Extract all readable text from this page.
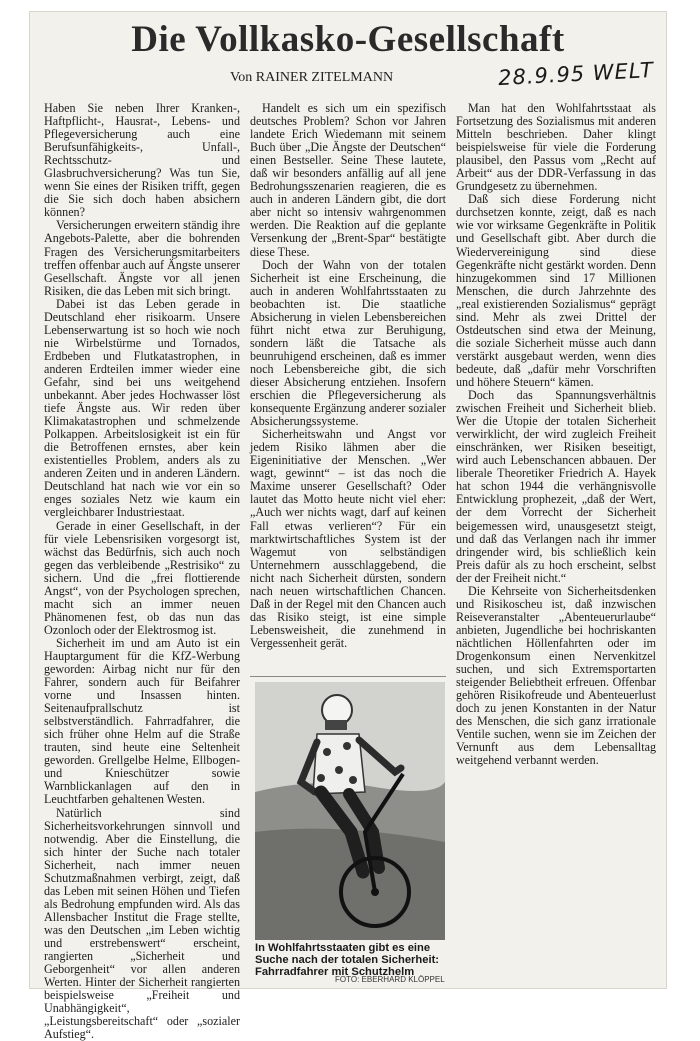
Die Vollkasko-Gesellschaft
Von RAINER ZITELMANN	28.9.95 WELT

Haben Sie neben Ihrer Kranken-, Haftpflicht-, Hausrat-, Lebens- und Pflegeversicherung auch eine Berufsunfähigkeits-, Unfall-, Rechtsschutz- und Glasbruchversicherung? Was tun Sie, wenn Sie eines der Risiken trifft, gegen die Sie sich doch haben absichern können?

Versicherungen erweitern ständig ihre Angebots-Palette, aber die bohrenden Fragen des Versicherungsmitarbeiters treffen offenbar auch auf Ängste unserer Gesellschaft. Ängste vor all jenen Risiken, die das Leben mit sich bringt.

Dabei ist das Leben gerade in Deutschland eher risikoarm. Unsere Lebenserwartung ist so hoch wie noch nie Wirbelstürme und Tornados, Erdbeben und Flutkatastrophen, in anderen Erdteilen immer wieder eine Gefahr, sind bei uns weitgehend unbekannt. Aber jedes Hochwasser löst tiefe Ängste aus. Wir reden über Klimakatastrophen und schmelzende Polkappen. Arbeitslosigkeit ist ein für die Betroffenen ernstes, aber kein existentielles Problem, anders als zu anderen Zeiten und in anderen Ländern. Deutschland hat nach wie vor ein so enges soziales Netz wie kaum ein vergleichbarer Industriestaat.

Gerade in einer Gesellschaft, in der für viele Lebensrisiken vorgesorgt ist, wächst das Bedürfnis, sich auch noch gegen das verbleibende „Restrisiko“ zu sichern. Und die „frei flottierende Angst“, von der Psychologen sprechen, macht sich an immer neuen Phänomenen fest, ob das nun das Ozonloch oder der Elektrosmog ist.

Sicherheit im und am Auto ist ein Hauptargument für die KfZ-Werbung geworden: Airbag nicht nur für den Fahrer, sondern auch für Beifahrer vorne und Insassen hinten. Seitenaufprallschutz ist selbstverständlich. Fahrradfahrer, die sich früher ohne Helm auf die Straße trauten, sind heute eine Seltenheit geworden. Grellgelbe Helme, Ellbogen- und Knieschützer sowie Warnblickanlagen auf den in Leuchtfarben gehaltenen Westen.

Natürlich sind Sicherheitsvorkehrungen sinnvoll und notwendig. Aber die Einstellung, die sich hinter der Suche nach totaler Sicherheit, nach immer neuen Schutzmaßnahmen verbirgt, zeigt, daß das Leben mit seinen Höhen und Tiefen als Bedrohung empfunden wird. Als das Allensbacher Institut die Frage stellte, was den Deutschen „im Leben wichtig und erstrebenswert“ erscheint, rangierten „Sicherheit und Geborgenheit“ vor allen anderen Werten. Hinter der Sicherheit rangierten beispielsweise „Freiheit und Unabhängigkeit“, „Leistungsbereitschaft“ oder „sozialer Aufstieg“.

Handelt es sich um ein spezifisch deutsches Problem? Schon vor Jahren landete Erich Wiedemann mit seinem Buch über „Die Ängste der Deutschen“ einen Bestseller. Seine These lautete, daß wir besonders anfällig auf all jene Bedrohungsszenarien reagieren, die es auch in anderen Ländern gibt, die dort aber nicht so intensiv wahrgenommen werden. Die Reaktion auf die geplante Versenkung der „Brent-Spar“ bestätigte diese These.

Doch der Wahn von der totalen Sicherheit ist eine Erscheinung, die auch in anderen Wohlfahrtsstaaten zu beobachten ist. Die staatliche Absicherung in vielen Lebensbereichen führt nicht etwa zur Beruhigung, sondern läßt die Tatsache als beunruhigend erscheinen, daß es immer noch Lebensbereiche gibt, die sich dieser Absicherung entziehen. Insofern erschien die Pflegeversicherung als konsequente Ergänzung anderer sozialer Absicherungssysteme.

Sicherheitswahn und Angst vor jedem Risiko lähmen aber die Eigeninitiative der Menschen. „Wer wagt, gewinnt“ – ist das noch die Maxime unserer Gesellschaft? Oder lautet das Motto heute nicht viel eher: „Auch wer nichts wagt, darf auf keinen Fall etwas verlieren“? Für ein marktwirtschaftliches System ist der Wagemut von selbständigen Unternehmern ausschlaggebend, die nicht nach Sicherheit dürsten, sondern nach neuen wirtschaftlichen Chancen. Daß in der Regel mit den Chancen auch das Risiko steigt, ist eine simple Lebensweisheit, die zunehmend in Vergessenheit gerät.

In Wohlfahrtsstaaten gibt es eine Suche nach der totalen Sicherheit: Fahrradfahrer mit Schutzhelm
FOTO: EBERHARD KLÖPPEL

Man hat den Wohlfahrtsstaat als Fortsetzung des Sozialismus mit anderen Mitteln beschrieben. Daher klingt beispielsweise für viele die Forderung plausibel, den Passus vom „Recht auf Arbeit“ aus der DDR-Verfassung in das Grundgesetz zu übernehmen.

Daß sich diese Forderung nicht durchsetzen konnte, zeigt, daß es nach wie vor wirksame Gegenkräfte in Politik und Gesellschaft gibt. Aber durch die Wiedervereinigung sind diese Gegenkräfte nicht gestärkt worden. Denn hinzugekommen sind 17 Millionen Menschen, die durch Jahrzehnte des „real existierenden Sozialismus“ geprägt sind. Mehr als zwei Drittel der Ostdeutschen sind etwa der Meinung, die soziale Sicherheit müsse auch dann verstärkt ausgebaut werden, wenn dies bedeute, daß „dafür mehr Vorschriften und höhere Steuern“ kämen.

Doch das Spannungsverhältnis zwischen Freiheit und Sicherheit blieb. Wer die Utopie der totalen Sicherheit verwirklicht, der wird zugleich Freiheit einschränken, wer Risiken beseitigt, wird auch Lebenschancen abbauen. Der liberale Theoretiker Friedrich A. Hayek hat schon 1944 die verhängnisvolle Entwicklung prophezeit, „daß der Wert, der dem Vorrecht der Sicherheit beigemessen wird, unausgesetzt steigt, und daß das Verlangen nach ihr immer dringender wird, bis schließlich kein Preis dafür als zu hoch erscheint, selbst der der Freiheit nicht.“

Die Kehrseite von Sicherheitsdenken und Risikoscheu ist, daß inzwischen Reiseveranstalter „Abenteuerurlaube“ anbieten, Jugendliche bei hochriskanten nächtlichen Höllenfahrten oder im Drogenkonsum einen Nervenkitzel suchen, und sich Extremsportarten steigender Beliebtheit erfreuen. Offenbar gehören Risikofreude und Abenteuerlust doch zu jenen Konstanten in der Natur des Menschen, die sich ganz irrationale Ventile suchen, wenn sie im Zeichen der Vernunft aus dem Lebensalltag weitgehend verbannt werden.
